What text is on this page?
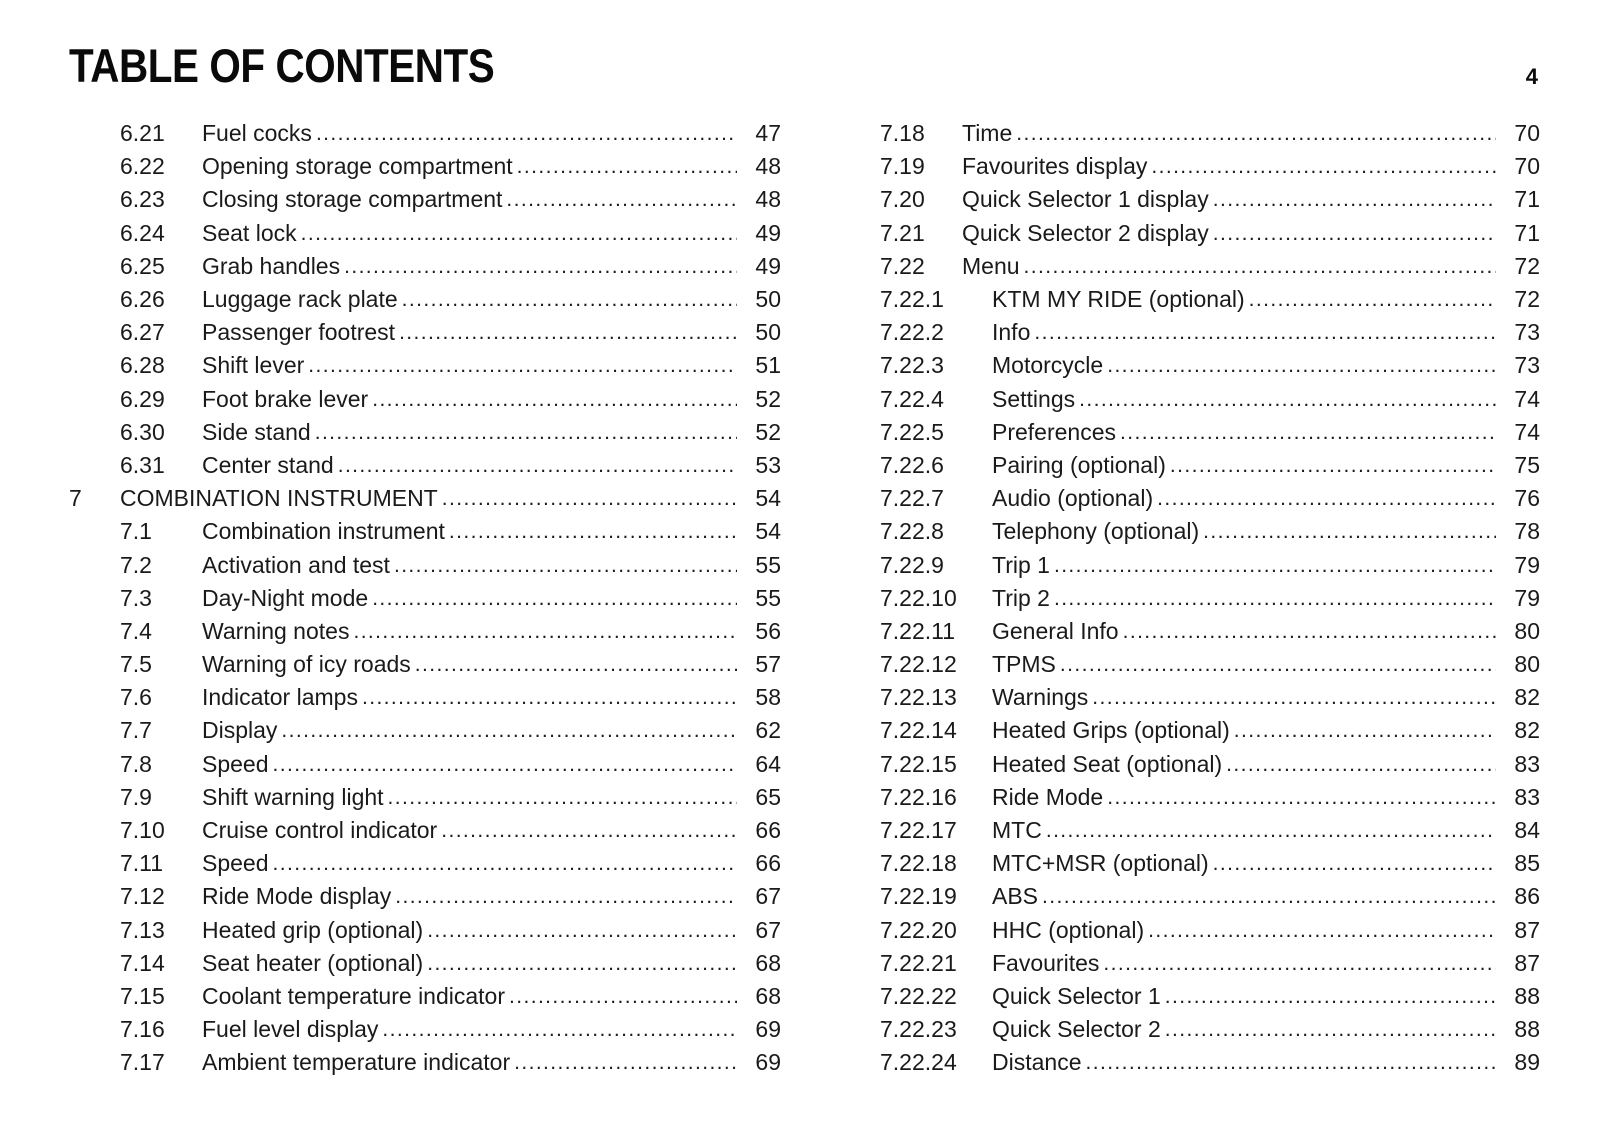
TABLE OF CONTENTS	4
6.21	Fuel cocks .....	47
6.22	Opening storage compartment .....	48
6.23	Closing storage compartment .....	48
6.24	Seat lock .....	49
6.25	Grab handles .....	49
6.26	Luggage rack plate .....	50
6.27	Passenger footrest .....	50
6.28	Shift lever .....	51
6.29	Foot brake lever .....	52
6.30	Side stand .....	52
6.31	Center stand .....	53
7	COMBINATION INSTRUMENT .....	54
7.1	Combination instrument .....	54
7.2	Activation and test .....	55
7.3	Day-Night mode .....	55
7.4	Warning notes .....	56
7.5	Warning of icy roads .....	57
7.6	Indicator lamps .....	58
7.7	Display .....	62
7.8	Speed .....	64
7.9	Shift warning light .....	65
7.10	Cruise control indicator .....	66
7.11	Speed .....	66
7.12	Ride Mode display .....	67
7.13	Heated grip (optional) .....	67
7.14	Seat heater (optional) .....	68
7.15	Coolant temperature indicator .....	68
7.16	Fuel level display .....	69
7.17	Ambient temperature indicator .....	69
7.18	Time .....	70
7.19	Favourites display .....	70
7.20	Quick Selector 1 display .....	71
7.21	Quick Selector 2 display .....	71
7.22	Menu .....	72
7.22.1	KTM MY RIDE (optional) .....	72
7.22.2	Info .....	73
7.22.3	Motorcycle .....	73
7.22.4	Settings .....	74
7.22.5	Preferences .....	74
7.22.6	Pairing (optional) .....	75
7.22.7	Audio (optional) .....	76
7.22.8	Telephony (optional) .....	78
7.22.9	Trip 1 .....	79
7.22.10	Trip 2 .....	79
7.22.11	General Info .....	80
7.22.12	TPMS .....	80
7.22.13	Warnings .....	82
7.22.14	Heated Grips (optional) .....	82
7.22.15	Heated Seat (optional) .....	83
7.22.16	Ride Mode .....	83
7.22.17	MTC .....	84
7.22.18	MTC+MSR (optional) .....	85
7.22.19	ABS .....	86
7.22.20	HHC (optional) .....	87
7.22.21	Favourites .....	87
7.22.22	Quick Selector 1 .....	88
7.22.23	Quick Selector 2 .....	88
7.22.24	Distance .....	89
